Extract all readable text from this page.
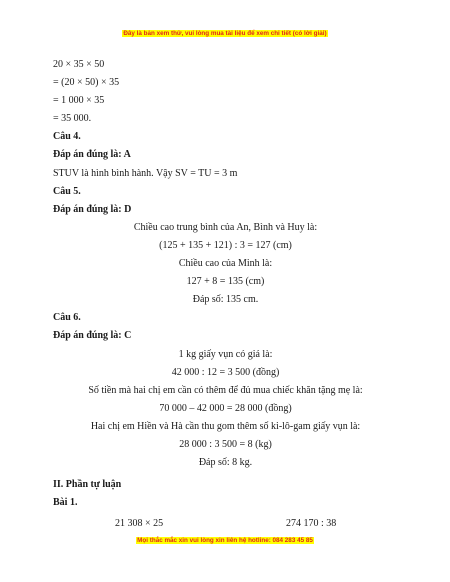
Đây là bản xem thử, vui lòng mua tài liệu để xem chi tiết (có lời giải)
20 × 35 × 50
= (20 × 50) × 35
= 1 000 × 35
= 35 000.
Câu 4.
Đáp án đúng là: A
STUV là hình bình hành. Vậy SV = TU = 3 m
Câu 5.
Đáp án đúng là: D
Chiều cao trung bình của An, Bình và Huy là:
(125 + 135 + 121) : 3 = 127 (cm)
Chiều cao của Minh là:
127 + 8 = 135 (cm)
Đáp số: 135 cm.
Câu 6.
Đáp án đúng là: C
1 kg giấy vụn có giá là:
42 000 : 12 = 3 500 (đồng)
Số tiền mà hai chị em cần có thêm để đủ mua chiếc khăn tặng mẹ là:
70 000 – 42 000 = 28 000 (đồng)
Hai chị em Hiền và Hà cần thu gom thêm số ki-lô-gam giấy vụn là:
28 000 : 3 500 = 8 (kg)
Đáp số: 8 kg.
II. Phần tự luận
Bài 1.
21 308 × 25	274 170 : 38
Mọi thắc mắc xin vui lòng xin liên hệ hotline: 084 283 45 85
